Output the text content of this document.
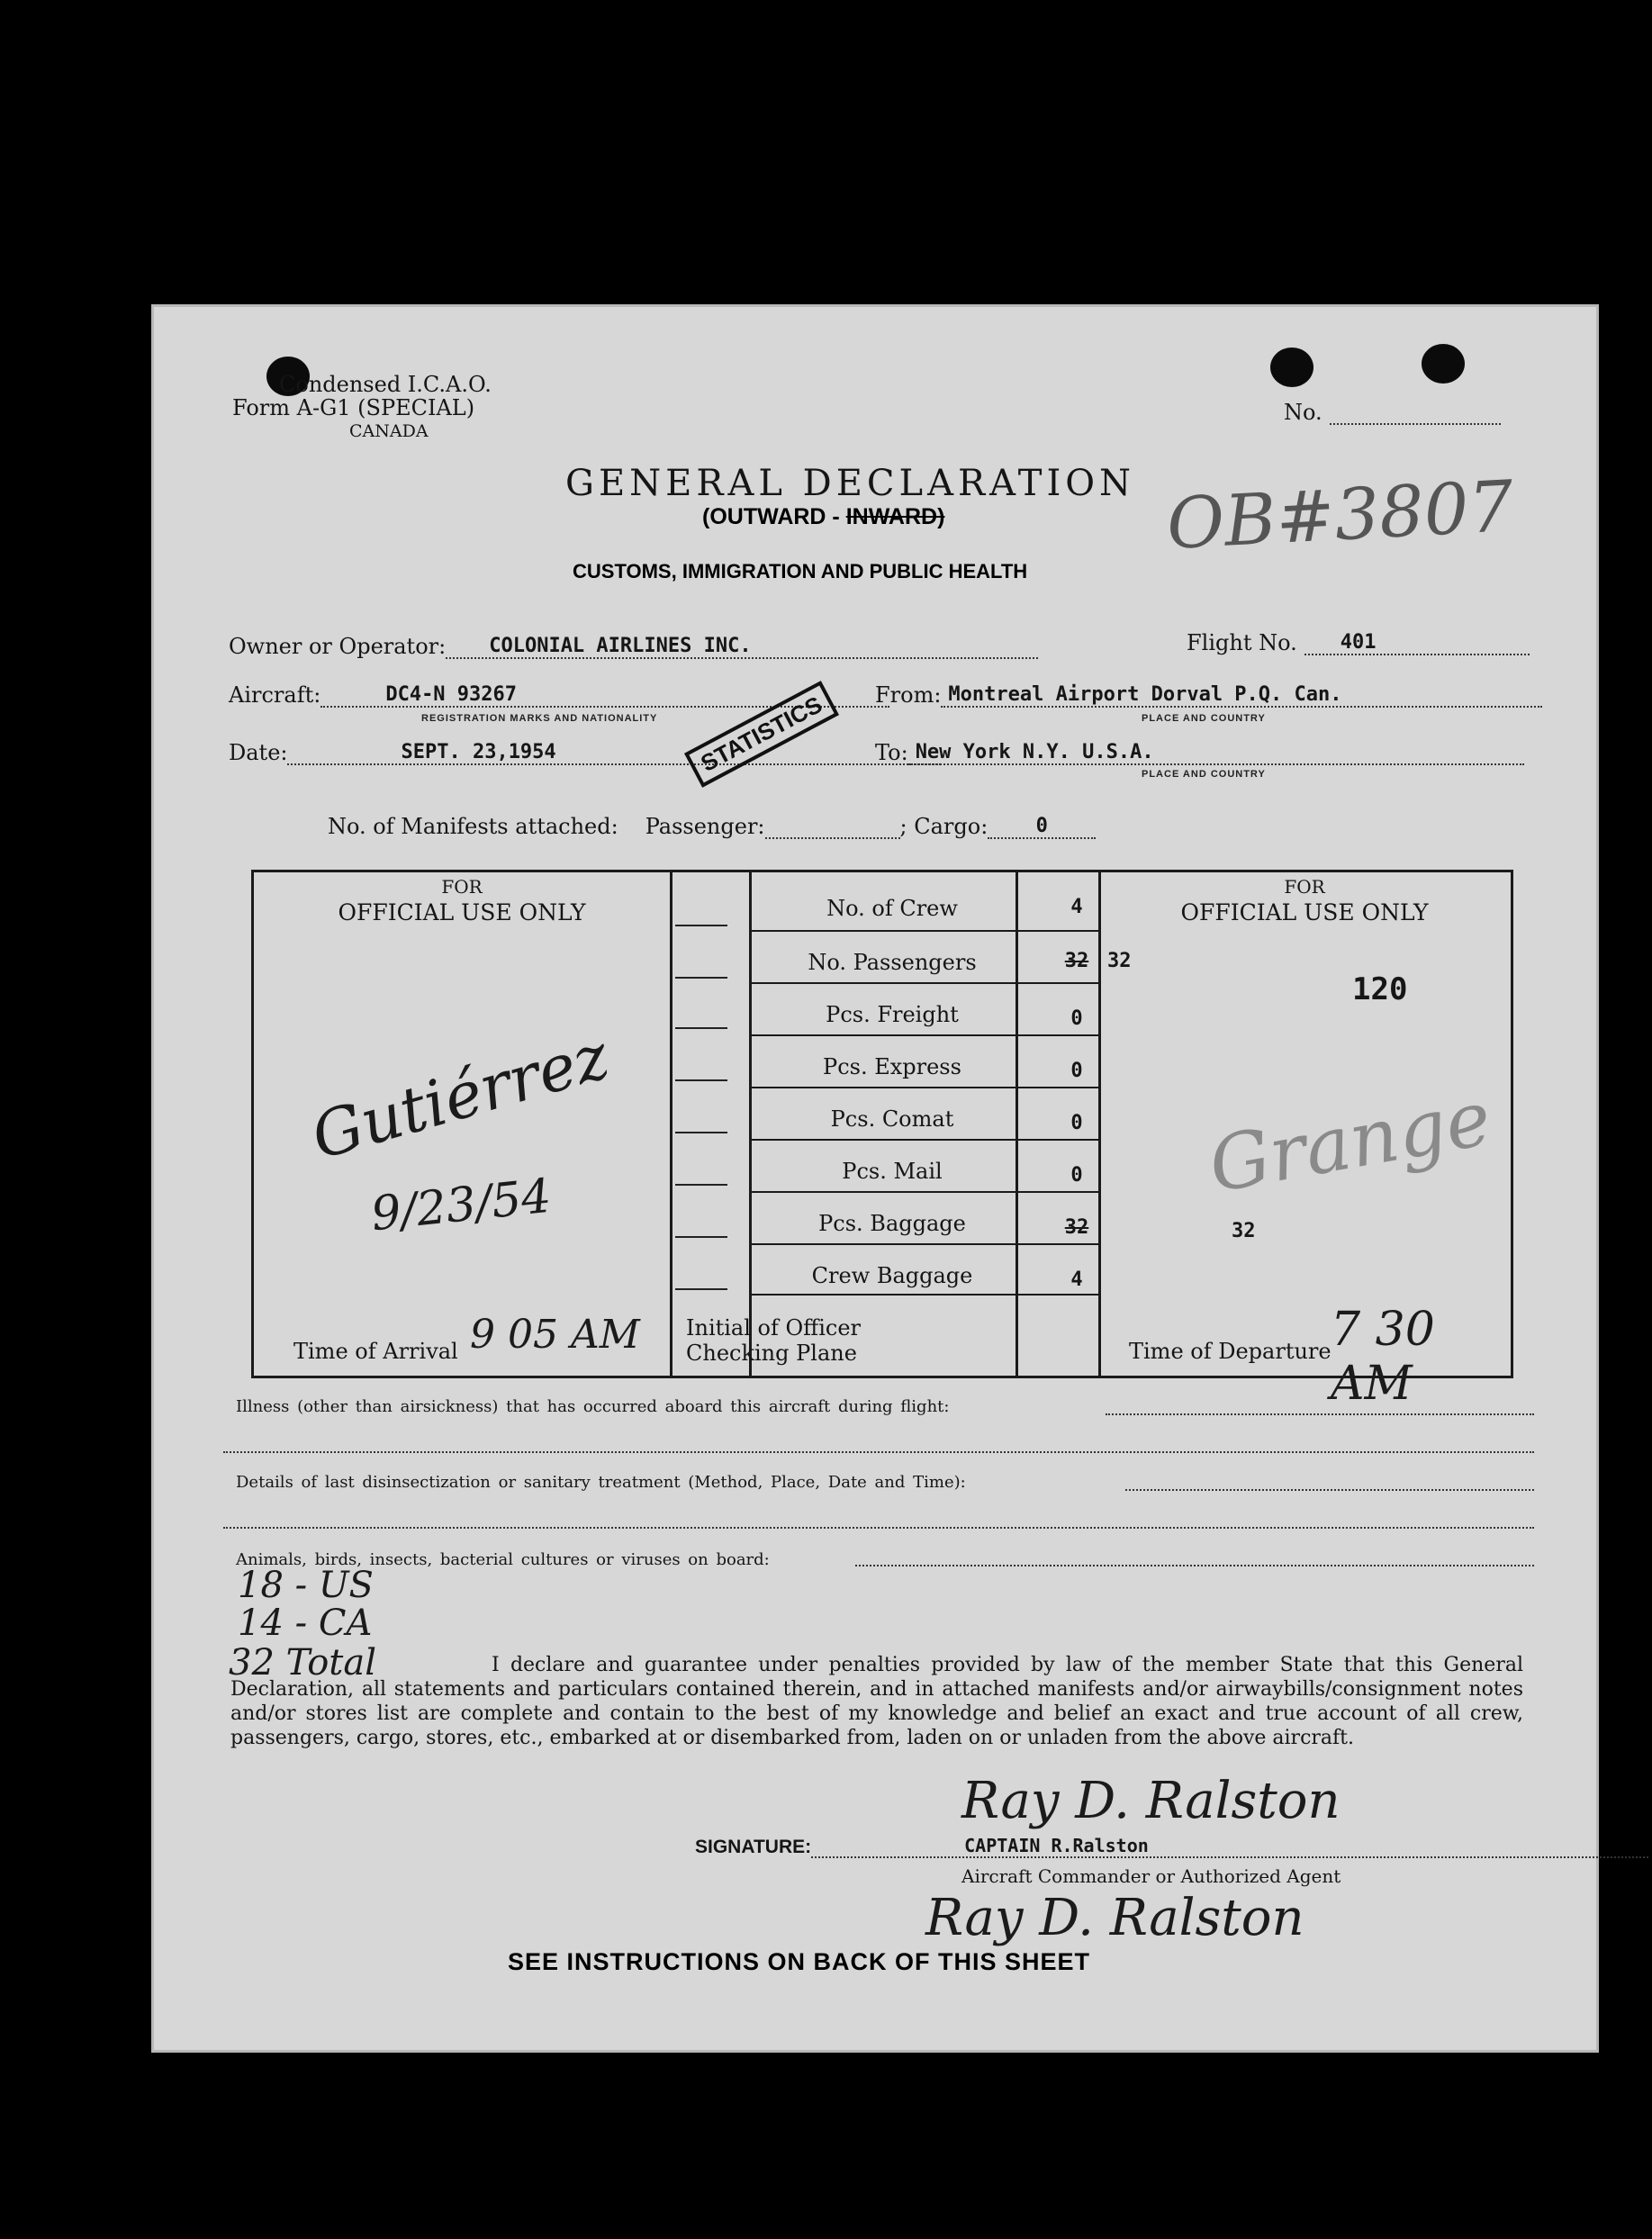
Condensed I.C.A.O.
Form A-G1 (SPECIAL)
CANADA
No.
GENERAL DECLARATION
(OUTWARD - INWARD)	OB#3807
CUSTOMS, IMMIGRATION AND PUBLIC HEALTH
Owner or Operator:	COLONIAL AIRLINES INC.	Flight No.	401
Aircraft:	DC4-N 93267
REGISTRATION MARKS AND NATIONALITY
From: Montreal Airport Dorval P.Q. Can.
PLACE AND COUNTRY
Date:	SEPT. 23,1954	To: New York N.Y. U.S.A.
PLACE AND COUNTRY
STATISTICS
No. of Manifests attached: Passenger:	; Cargo:	0
FOR
OFFICIAL USE ONLY
FOR
OFFICIAL USE ONLY
120
No. of Crew	4
No. Passengers	32 32
Pcs. Freight	0
Pcs. Express	0
Pcs. Comat	0
Pcs. Mail	0
Pcs. Baggage	32	32
Crew Baggage	4
Gutiérrez
9/23/54	Grange
Time of Arrival 9 05 AM Initial of Officer
Checking Plane	Time of Departure 7 30 AM
Illness (other than airsickness) that has occurred aboard this aircraft during flight:
Details of last disinsectization or sanitary treatment (Method, Place, Date and Time):
Animals, birds, insects, bacterial cultures or viruses on board:
18 - US
14 - CA
32 Total	I declare and guarantee under penalties provided by law of the member State that this General Declaration, all statements and particulars contained therein, and in attached manifests and/or airwaybills/consignment notes and/or stores list are complete and contain to the best of my knowledge and belief an exact and true account of all crew, passengers, cargo, stores, etc., embarked at or disembarked from, laden on or unladen from the above aircraft.
Ray D. Ralston
SIGNATURE:	CAPTAIN R.Ralston
Aircraft Commander or Authorized Agent
Ray D. Ralston
SEE INSTRUCTIONS ON BACK OF THIS SHEET
